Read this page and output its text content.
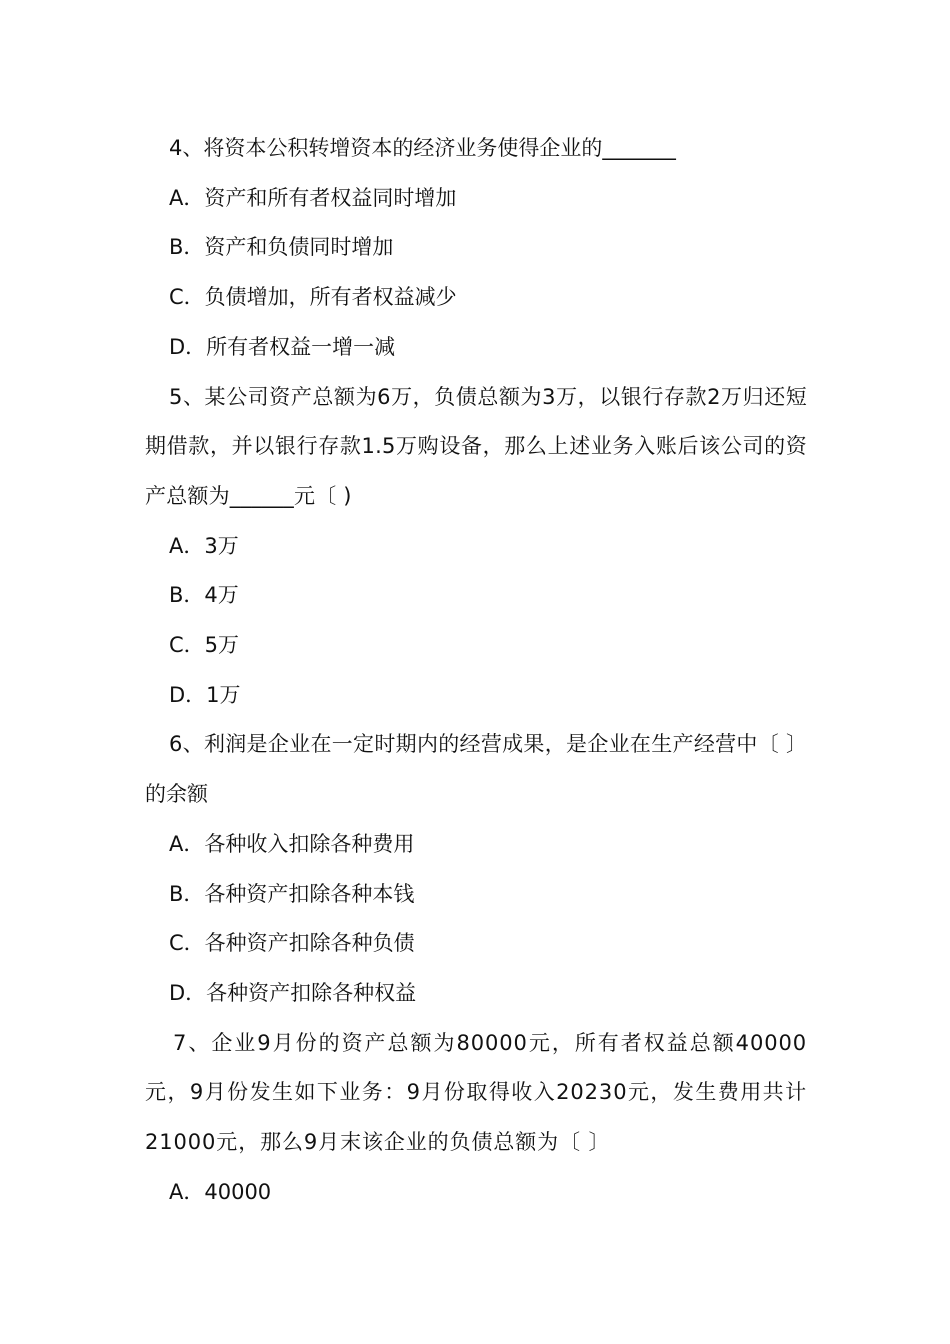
4、将资本公积转增资本的经济业务使得企业的_______

A．资产和所有者权益同时增加

B．资产和负债同时增加

C．负债增加，所有者权益减少

D．所有者权益一增一减

5、某公司资产总额为6万，负债总额为3万，以银行存款2万归还短期借款，并以银行存款1.5万购设备，那么上述业务入账后该公司的资产总额为______元〔 )

A．3万

B．4万

C．5万

D．1万

6、利润是企业在一定时期内的经营成果，是企业在生产经营中〔 〕的余额

A．各种收入扣除各种费用

B．各种资产扣除各种本钱

C．各种资产扣除各种负债

D．各种资产扣除各种权益

7、企业9月份的资产总额为80000元，所有者权益总额40000元，9月份发生如下业务：9月份取得收入20230元，发生费用共计21000元，那么9月末该企业的负债总额为〔 〕

A．40000
